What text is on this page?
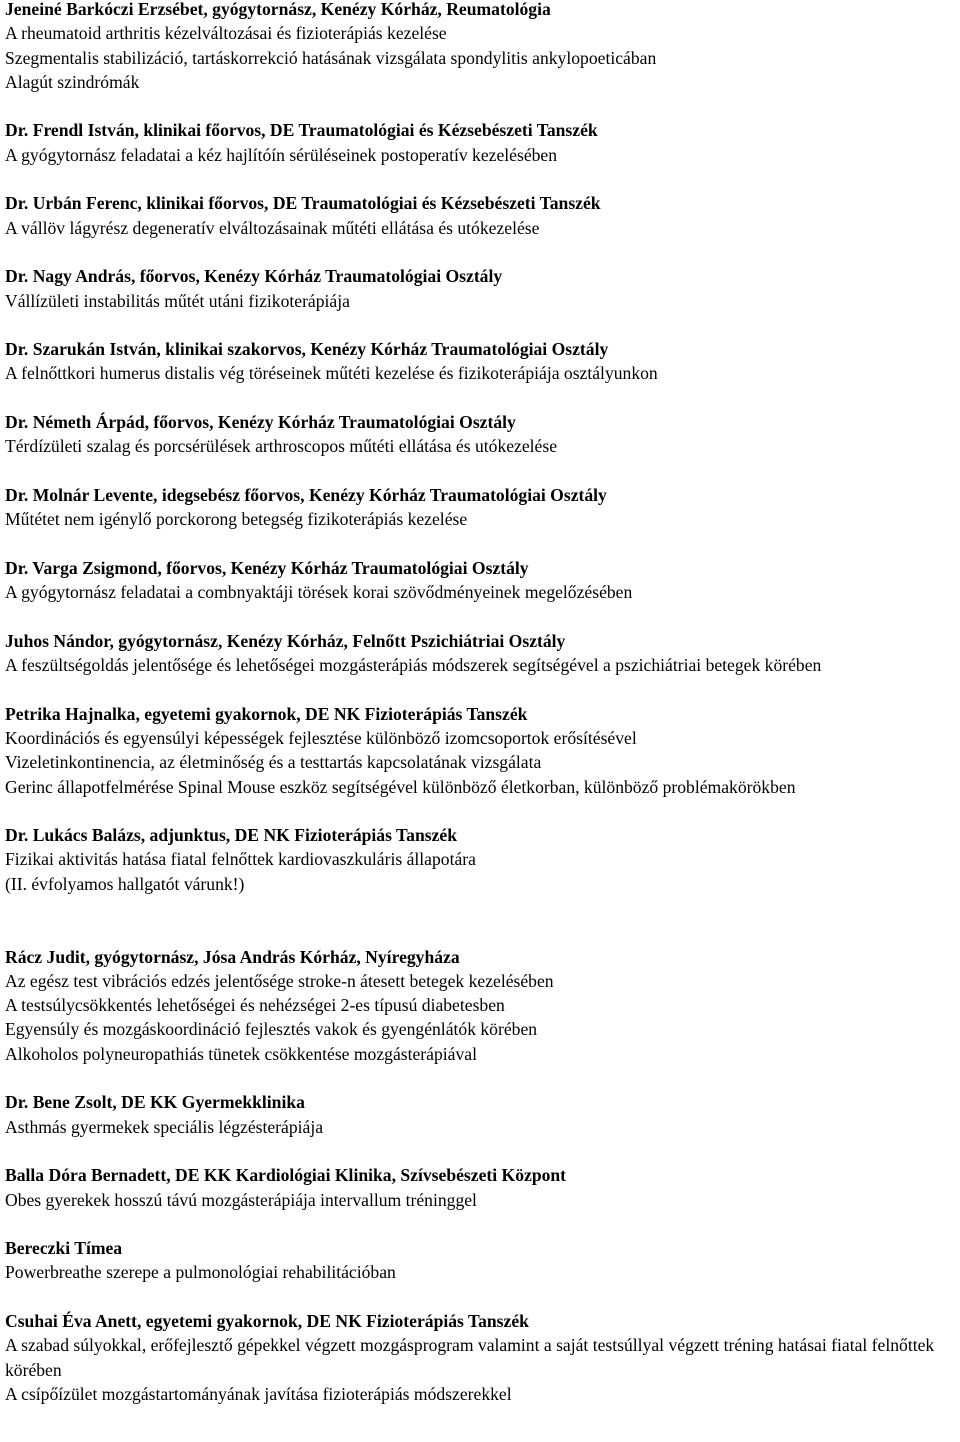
Jeneiné Barkóczi Erzsébet, gyógytornász, Kenézy Kórház, Reumatológia
A rheumatoid arthritis kézelváltozásai és fizioterápiás kezelése
Szegmentalis stabilizáció, tartáskorrekció hatásának vizsgálata spondylitis ankylopoeticában
Alagút szindrómák
Dr. Frendl István, klinikai főorvos, DE Traumatológiai és Kézsebészeti Tanszék
A gyógytornász feladatai a kéz hajlítóín sérüléseinek postoperatív kezelésében
Dr. Urbán Ferenc, klinikai főorvos, DE Traumatológiai és Kézsebészeti Tanszék
A vállöv lágyrész degeneratív elváltozásainak műtéti ellátása és utókezelése
Dr. Nagy András, főorvos, Kenézy Kórház Traumatológiai Osztály
Vállízületi instabilitás műtét utáni fizikoterápiája
Dr. Szarukán István, klinikai szakorvos, Kenézy Kórház Traumatológiai Osztály
A felnőttkori humerus distalis vég töréseinek műtéti kezelése és fizikoterápiája osztályunkon
Dr. Németh Árpád, főorvos, Kenézy Kórház Traumatológiai Osztály
Térdízületi szalag és porcsérülések arthroscopos műtéti ellátása és utókezelése
Dr. Molnár Levente, idegsebész főorvos, Kenézy Kórház Traumatológiai Osztály
Műtétet nem igénylő porckorong betegség fizikoterápiás kezelése
Dr. Varga Zsigmond, főorvos, Kenézy Kórház Traumatológiai Osztály
A gyógytornász feladatai a combnyaktáji törések korai szövődményeinek megelőzésében
Juhos Nándor, gyógytornász, Kenézy Kórház, Felnőtt Pszichiátriai Osztály
A feszültségoldás jelentősége és lehetőségei mozgásterápiás módszerek segítségével a pszichiátriai betegek körében
Petrika Hajnalka, egyetemi gyakornok, DE NK Fizioterápiás Tanszék
Koordinációs és egyensúlyi képességek fejlesztése különböző izomcsoportok erősítésével
Vizeletinkontinencia, az életminőség és a testtartás kapcsolatának vizsgálata
Gerinc állapotfelmérése Spinal Mouse eszköz segítségével különböző életkorban, különböző problémakörökben
Dr. Lukács Balázs, adjunktus, DE NK Fizioterápiás Tanszék
Fizikai aktivitás hatása fiatal felnőttek kardiovaszkuláris állapotára
(II. évfolyamos hallgatót várunk!)
Rácz Judit, gyógytornász, Jósa András Kórház, Nyíregyháza
Az egész test vibrációs edzés jelentősége stroke-n átesett betegek kezelésében
A testsúlycsökkentés lehetőségei és nehézségei 2-es típusú diabetesben
Egyensúly és mozgáskoordináció fejlesztés vakok és gyengénlátók körében
Alkoholos polyneuropathiás tünetek csökkentése mozgásterápiával
Dr. Bene Zsolt, DE KK Gyermekklinika
Asthmás gyermekek speciális légzésterápiája
Balla Dóra Bernadett, DE KK Kardiológiai Klinika, Szívsebészeti Központ
Obes gyerekek hosszú távú mozgásterápiája intervallum tréninggel
Bereczki Tímea
Powerbreathe szerepe a pulmonológiai rehabilitációban
Csuhai Éva Anett, egyetemi gyakornok, DE NK Fizioterápiás Tanszék
A szabad súlyokkal, erőfejlesztő gépekkel végzett mozgásprogram valamint a saját testsúllyal végzett tréning hatásai fiatal felnőttek körében
A csípőízület mozgástartományának javítása fizioterápiás módszerekkel
